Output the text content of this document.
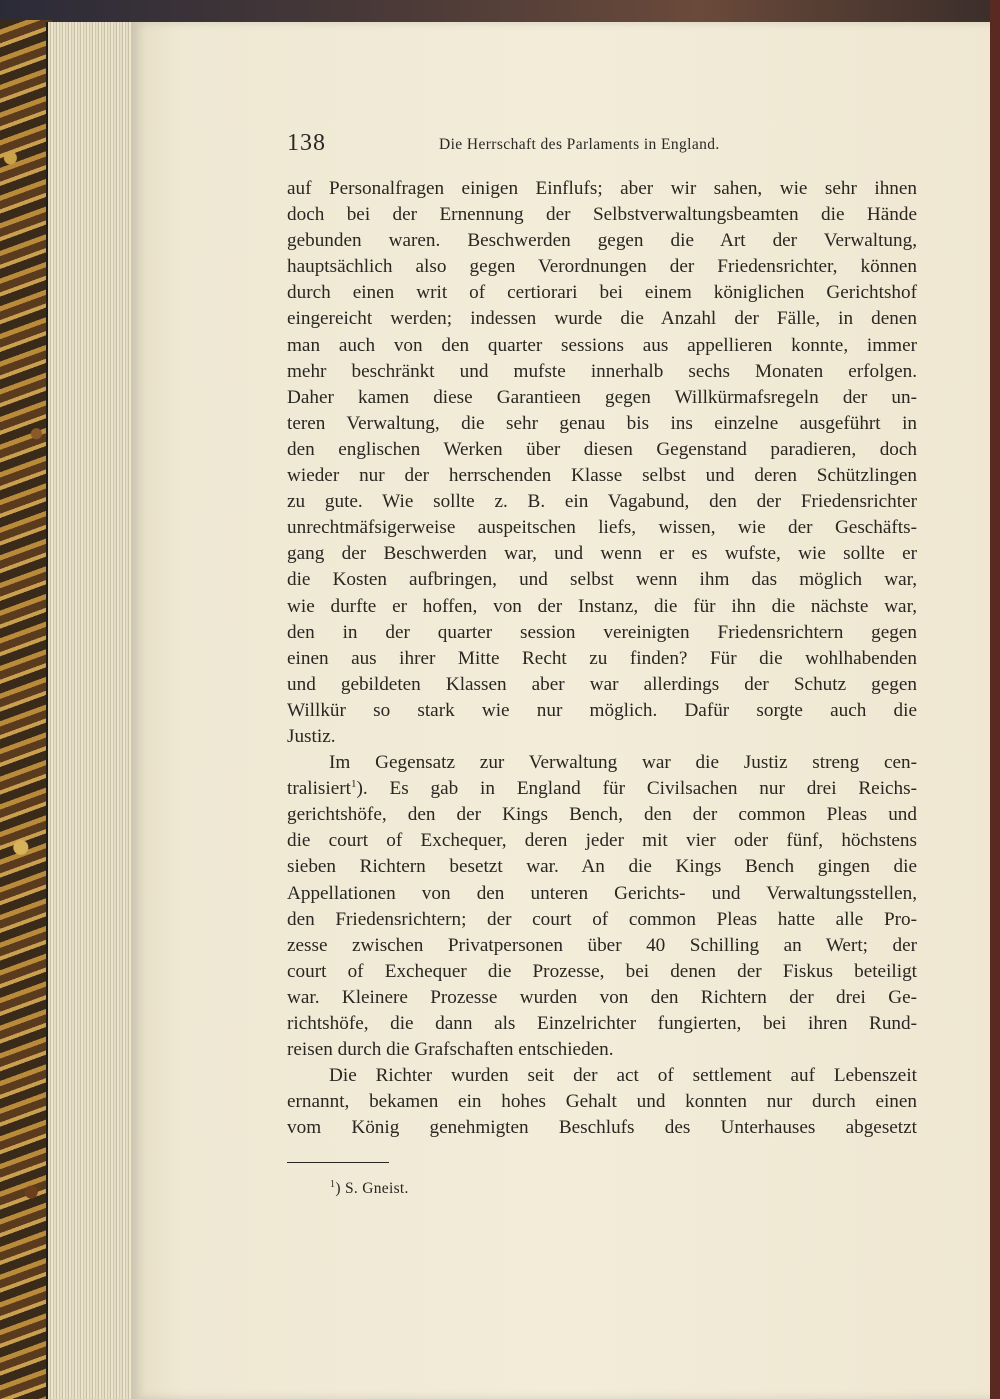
138	Die Herrschaft des Parlaments in England.
auf Personalfragen einigen Einflufs; aber wir sahen, wie sehr ihnen
doch bei der Ernennung der Selbstverwaltungsbeamten die Hände
gebunden waren. Beschwerden gegen die Art der Verwaltung,
hauptsächlich also gegen Verordnungen der Friedensrichter, können
durch einen writ of certiorari bei einem königlichen Gerichtshof
eingereicht werden; indessen wurde die Anzahl der Fälle, in denen
man auch von den quarter sessions aus appellieren konnte, immer
mehr beschränkt und mufste innerhalb sechs Monaten erfolgen.
Daher kamen diese Garantieen gegen Willkürmafsregeln der un-
teren Verwaltung, die sehr genau bis ins einzelne ausgeführt in
den englischen Werken über diesen Gegenstand paradieren, doch
wieder nur der herrschenden Klasse selbst und deren Schützlingen
zu gute. Wie sollte z. B. ein Vagabund, den der Friedensrichter
unrechtmäfsigerweise auspeitschen liefs, wissen, wie der Geschäfts-
gang der Beschwerden war, und wenn er es wufste, wie sollte er
die Kosten aufbringen, und selbst wenn ihm das möglich war,
wie durfte er hoffen, von der Instanz, die für ihn die nächste war,
den in der quarter session vereinigten Friedensrichtern gegen
einen aus ihrer Mitte Recht zu finden? Für die wohlhabenden
und gebildeten Klassen aber war allerdings der Schutz gegen
Willkür so stark wie nur möglich. Dafür sorgte auch die
Justiz.
Im Gegensatz zur Verwaltung war die Justiz streng cen-
tralisiert$^1$). Es gab in England für Civilsachen nur drei Reichs-
gerichtshöfe, den der Kings Bench, den der common Pleas und
die court of Exchequer, deren jeder mit vier oder fünf, höchstens
sieben Richtern besetzt war. An die Kings Bench gingen die
Appellationen von den unteren Gerichts- und Verwaltungsstellen,
den Friedensrichtern; der court of common Pleas hatte alle Pro-
zesse zwischen Privatpersonen über 40 Schilling an Wert; der
court of Exchequer die Prozesse, bei denen der Fiskus beteiligt
war. Kleinere Prozesse wurden von den Richtern der drei Ge-
richtshöfe, die dann als Einzelrichter fungierten, bei ihren Rund-
reisen durch die Grafschaften entschieden.
Die Richter wurden seit der act of settlement auf Lebenszeit
ernannt, bekamen ein hohes Gehalt und konnten nur durch einen
vom König genehmigten Beschlufs des Unterhauses abgesetzt
$^1$) S. Gneist.
